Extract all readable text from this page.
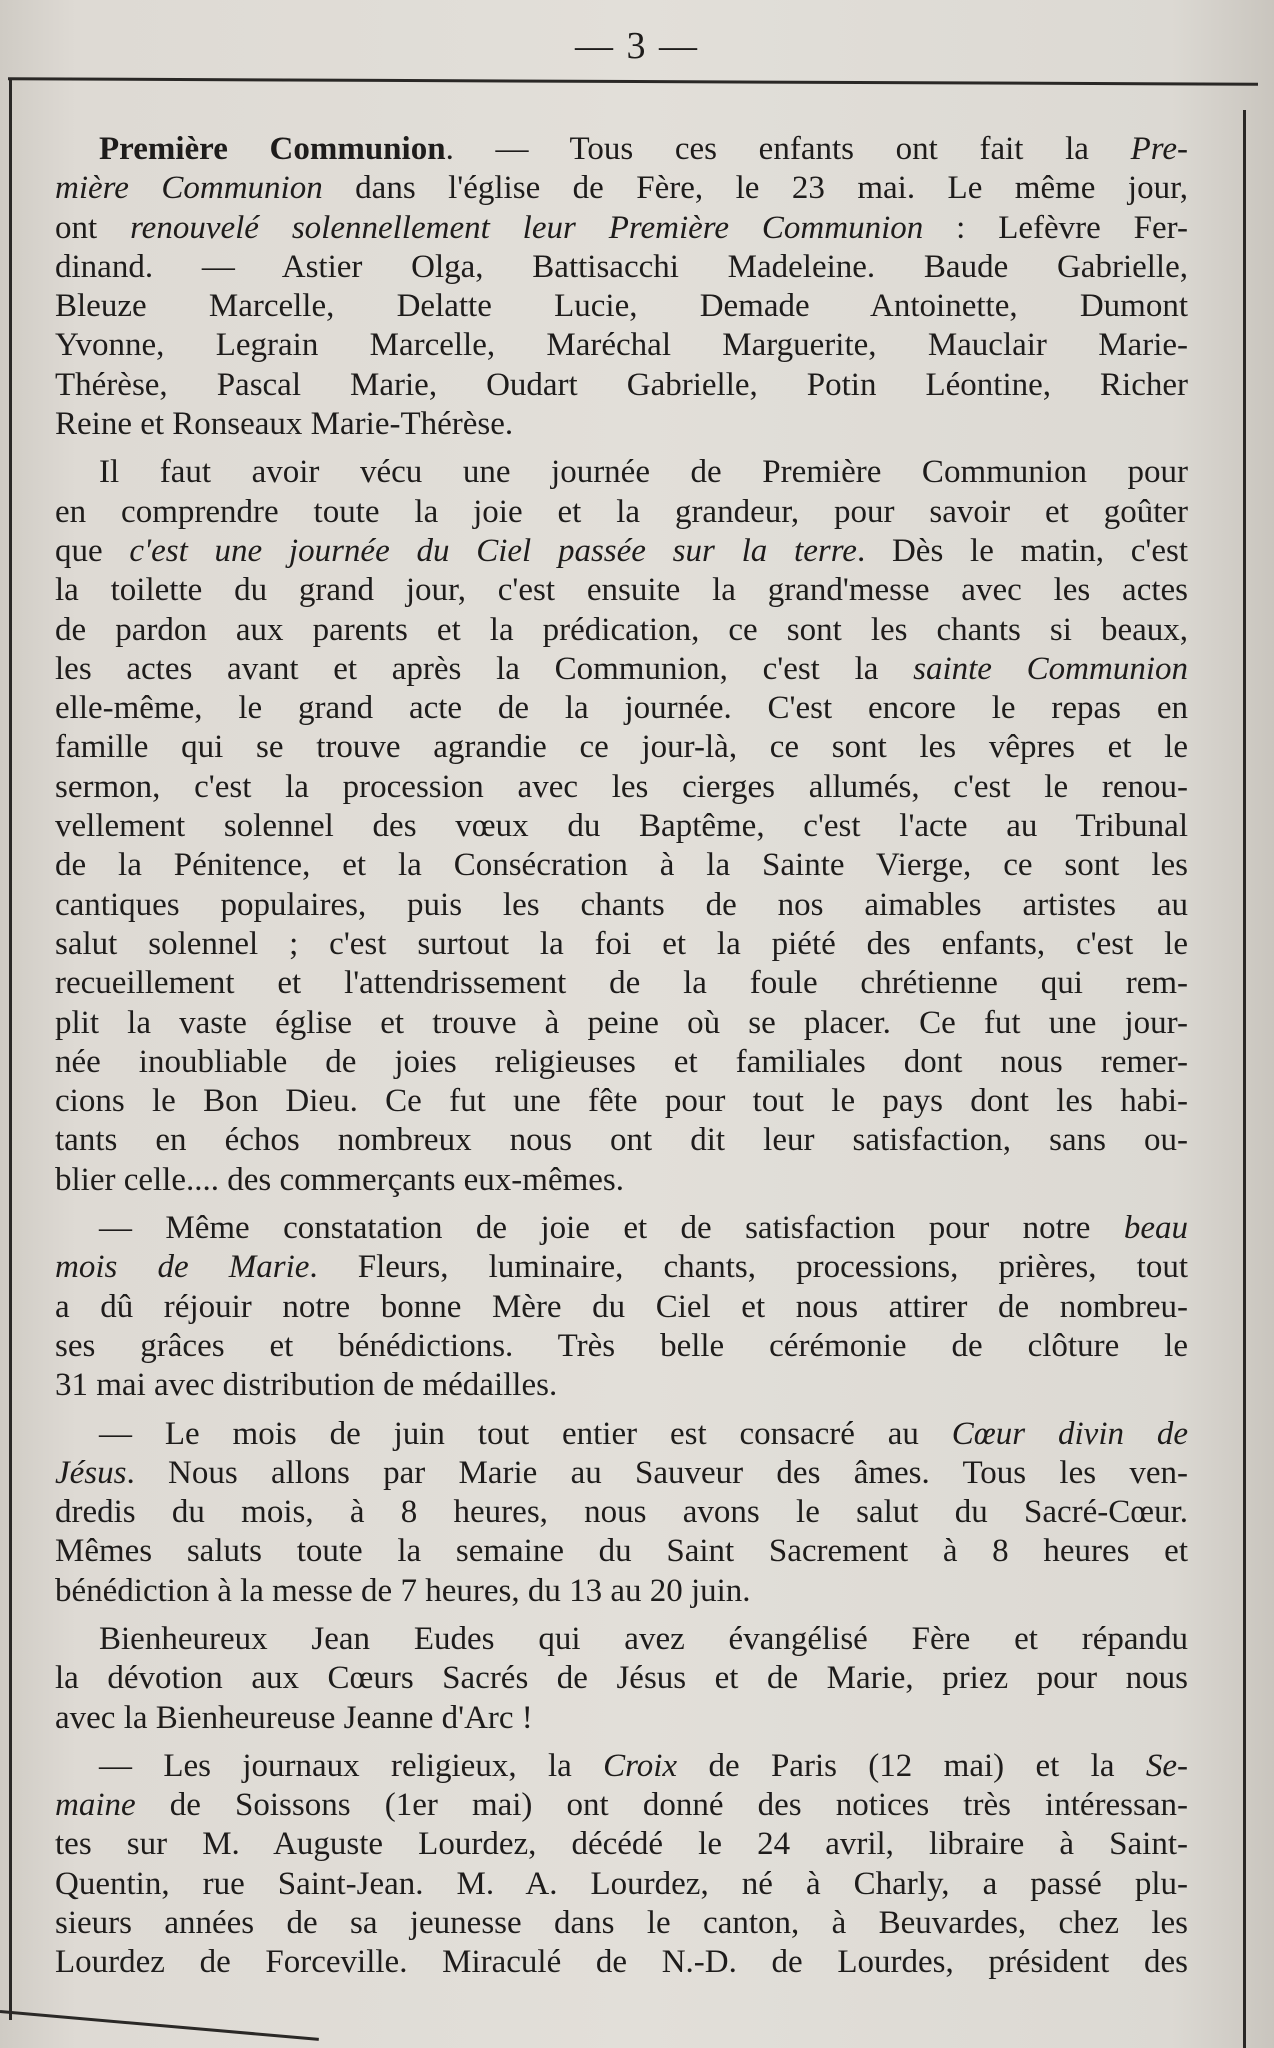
— 3 —
Première Communion. — Tous ces enfants ont fait la Pre-
mière Communion dans l'église de Fère, le 23 mai. Le même jour,
ont renouvelé solennellement leur Première Communion : Lefèvre Fer-
dinand. — Astier Olga, Battisacchi Madeleine. Baude Gabrielle,
Bleuze Marcelle, Delatte Lucie, Demade Antoinette, Dumont
Yvonne, Legrain Marcelle, Maréchal Marguerite, Mauclair Marie-
Thérèse, Pascal Marie, Oudart Gabrielle, Potin Léontine, Richer
Reine et Ronseaux Marie-Thérèse.
Il faut avoir vécu une journée de Première Communion pour
en comprendre toute la joie et la grandeur, pour savoir et goûter
que c'est une journée du Ciel passée sur la terre. Dès le matin, c'est
la toilette du grand jour, c'est ensuite la grand'messe avec les actes
de pardon aux parents et la prédication, ce sont les chants si beaux,
les actes avant et après la Communion, c'est la sainte Communion
elle-même, le grand acte de la journée. C'est encore le repas en
famille qui se trouve agrandie ce jour-là, ce sont les vêpres et le
sermon, c'est la procession avec les cierges allumés, c'est le renou-
vellement solennel des vœux du Baptême, c'est l'acte au Tribunal
de la Pénitence, et la Consécration à la Sainte Vierge, ce sont les
cantiques populaires, puis les chants de nos aimables artistes au
salut solennel ; c'est surtout la foi et la piété des enfants, c'est le
recueillement et l'attendrissement de la foule chrétienne qui rem-
plit la vaste église et trouve à peine où se placer. Ce fut une jour-
née inoubliable de joies religieuses et familiales dont nous remer-
cions le Bon Dieu. Ce fut une fête pour tout le pays dont les habi-
tants en échos nombreux nous ont dit leur satisfaction, sans ou-
blier celle.... des commerçants eux-mêmes.
— Même constatation de joie et de satisfaction pour notre beau
mois de Marie. Fleurs, luminaire, chants, processions, prières, tout
a dû réjouir notre bonne Mère du Ciel et nous attirer de nombreu-
ses grâces et bénédictions. Très belle cérémonie de clôture le
31 mai avec distribution de médailles.
— Le mois de juin tout entier est consacré au Cœur divin de
Jésus. Nous allons par Marie au Sauveur des âmes. Tous les ven-
dredis du mois, à 8 heures, nous avons le salut du Sacré-Cœur.
Mêmes saluts toute la semaine du Saint Sacrement à 8 heures et
bénédiction à la messe de 7 heures, du 13 au 20 juin.
Bienheureux Jean Eudes qui avez évangélisé Fère et répandu
la dévotion aux Cœurs Sacrés de Jésus et de Marie, priez pour nous
avec la Bienheureuse Jeanne d'Arc !
— Les journaux religieux, la Croix de Paris (12 mai) et la Se-
maine de Soissons (1er mai) ont donné des notices très intéressan-
tes sur M. Auguste Lourdez, décédé le 24 avril, libraire à Saint-
Quentin, rue Saint-Jean. M. A. Lourdez, né à Charly, a passé plu-
sieurs années de sa jeunesse dans le canton, à Beuvardes, chez les
Lourdez de Forceville. Miraculé de N.-D. de Lourdes, président des
